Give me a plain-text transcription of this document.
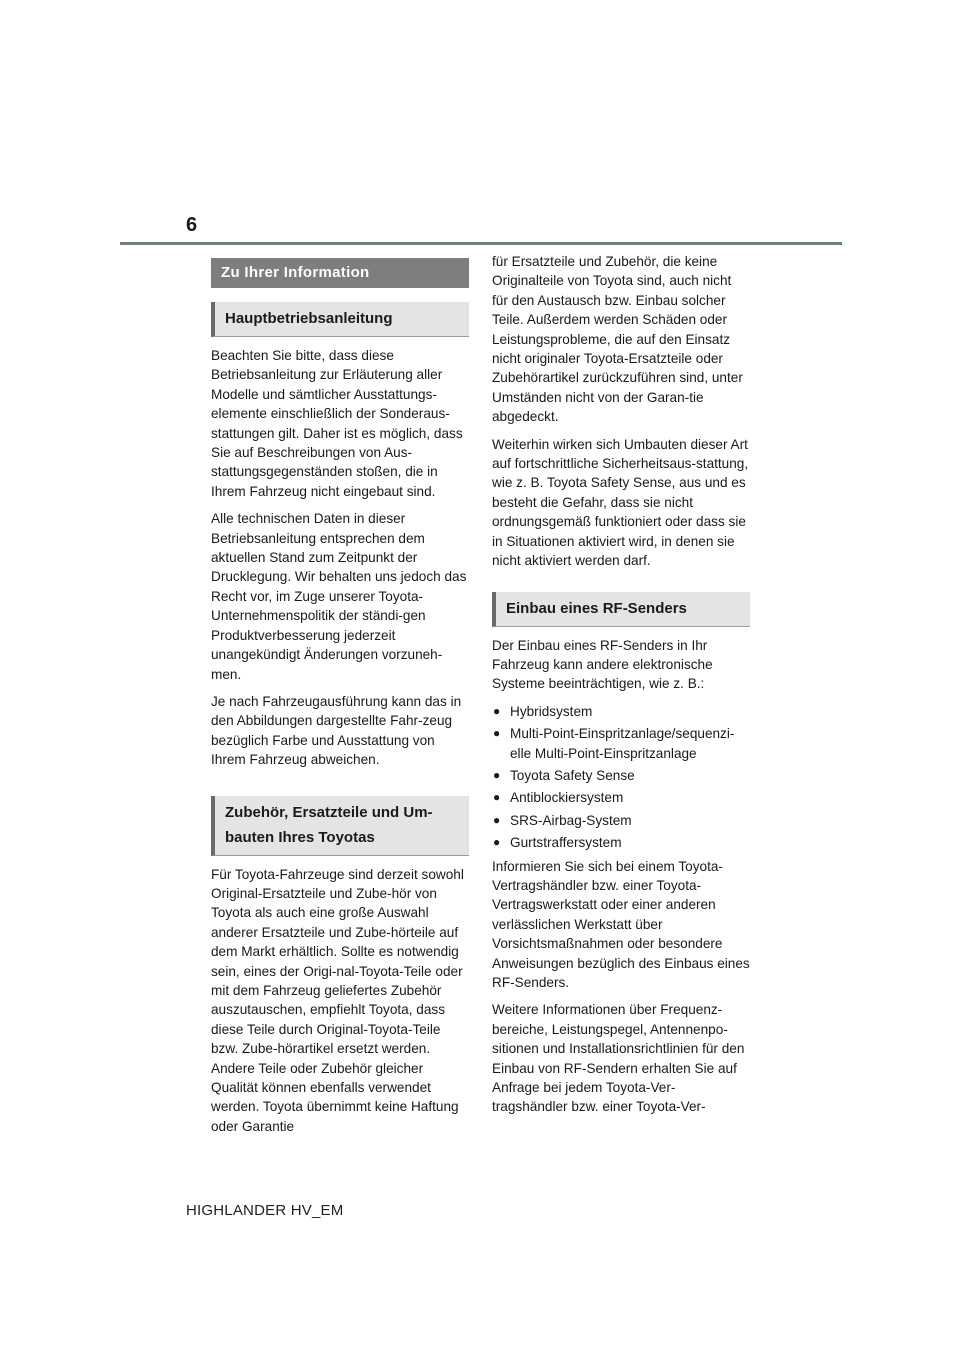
6
Zu Ihrer Information
Hauptbetriebsanleitung

Beachten Sie bitte, dass diese Betriebsanleitung zur Erläuterung aller Modelle und sämtlicher Ausstattungs-elemente einschließlich der Sonderaus-stattungen gilt. Daher ist es möglich, dass Sie auf Beschreibungen von Aus-stattungsgegenständen stoßen, die in Ihrem Fahrzeug nicht eingebaut sind.

Alle technischen Daten in dieser Betriebsanleitung entsprechen dem aktuellen Stand zum Zeitpunkt der Drucklegung. Wir behalten uns jedoch das Recht vor, im Zuge unserer Toyota-Unternehmenspolitik der ständi-gen Produktverbesserung jederzeit unangekündigt Änderungen vorzuneh-men.

Je nach Fahrzeugausführung kann das in den Abbildungen dargestellte Fahr-zeug bezüglich Farbe und Ausstattung von Ihrem Fahrzeug abweichen.

Zubehör, Ersatzteile und Um-
bauten Ihres Toyotas

Für Toyota-Fahrzeuge sind derzeit sowohl Original-Ersatzteile und Zube-hör von Toyota als auch eine große Auswahl anderer Ersatzteile und Zube-hörteile auf dem Markt erhältlich. Sollte es notwendig sein, eines der Origi-nal-Toyota-Teile oder mit dem Fahrzeug geliefertes Zubehör auszutauschen, empfiehlt Toyota, dass diese Teile durch Original-Toyota-Teile bzw. Zube-hörartikel ersetzt werden. Andere Teile oder Zubehör gleicher Qualität können ebenfalls verwendet werden. Toyota übernimmt keine Haftung oder Garantie

für Ersatzteile und Zubehör, die keine Originalteile von Toyota sind, auch nicht für den Austausch bzw. Einbau solcher Teile. Außerdem werden Schäden oder Leistungsprobleme, die auf den Einsatz nicht originaler Toyota-Ersatzteile oder Zubehörartikel zurückzuführen sind, unter Umständen nicht von der Garan-tie abgedeckt.

Weiterhin wirken sich Umbauten dieser Art auf fortschrittliche Sicherheitsaus-stattung, wie z. B. Toyota Safety Sense, aus und es besteht die Gefahr, dass sie nicht ordnungsgemäß funktioniert oder dass sie in Situationen aktiviert wird, in denen sie nicht aktiviert werden darf.

Einbau eines RF-Senders

Der Einbau eines RF-Senders in Ihr Fahrzeug kann andere elektronische Systeme beeinträchtigen, wie z. B.:

● Hybridsystem
● Multi-Point-Einspritzanlage/sequenzi-elle Multi-Point-Einspritzanlage
● Toyota Safety Sense
● Antiblockiersystem
● SRS-Airbag-System
● Gurtstraffersystem

Informieren Sie sich bei einem Toyota-Vertragshändler bzw. einer Toyota-Vertragswerkstatt oder einer anderen verlässlichen Werkstatt über Vorsichtsmaßnahmen oder besondere Anweisungen bezüglich des Einbaus eines RF-Senders.

Weitere Informationen über Frequenz-bereiche, Leistungspegel, Antennenpo-sitionen und Installationsrichtlinien für den Einbau von RF-Sendern erhalten Sie auf Anfrage bei jedem Toyota-Ver-tragshändler bzw. einer Toyota-Ver-

HIGHLANDER HV_EM
